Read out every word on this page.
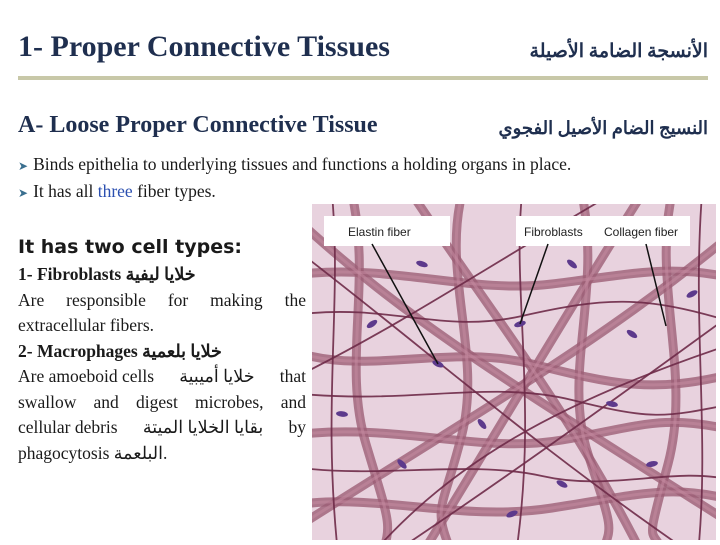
1- Proper Connective Tissues	الأنسجة الضامة الأصيلة
A- Loose Proper Connective Tissue	النسيج الضام الأصيل الفجوي
➤ Binds epithelia to underlying tissues and functions a holding organs in place.
➤ It has all three fiber types.
It has two cell types:
1- Fibroblasts خلايا ليفية
Are responsible for making the
extracellular fibers.
2- Macrophages خلايا بلعمية
Are amoeboid cells خلايا أميبية that
swallow and digest microbes, and
cellular debris بقايا الخلايا الميتة by
phagocytosis البلعمة.
Elastin fiber	Fibroblasts Collagen fiber
